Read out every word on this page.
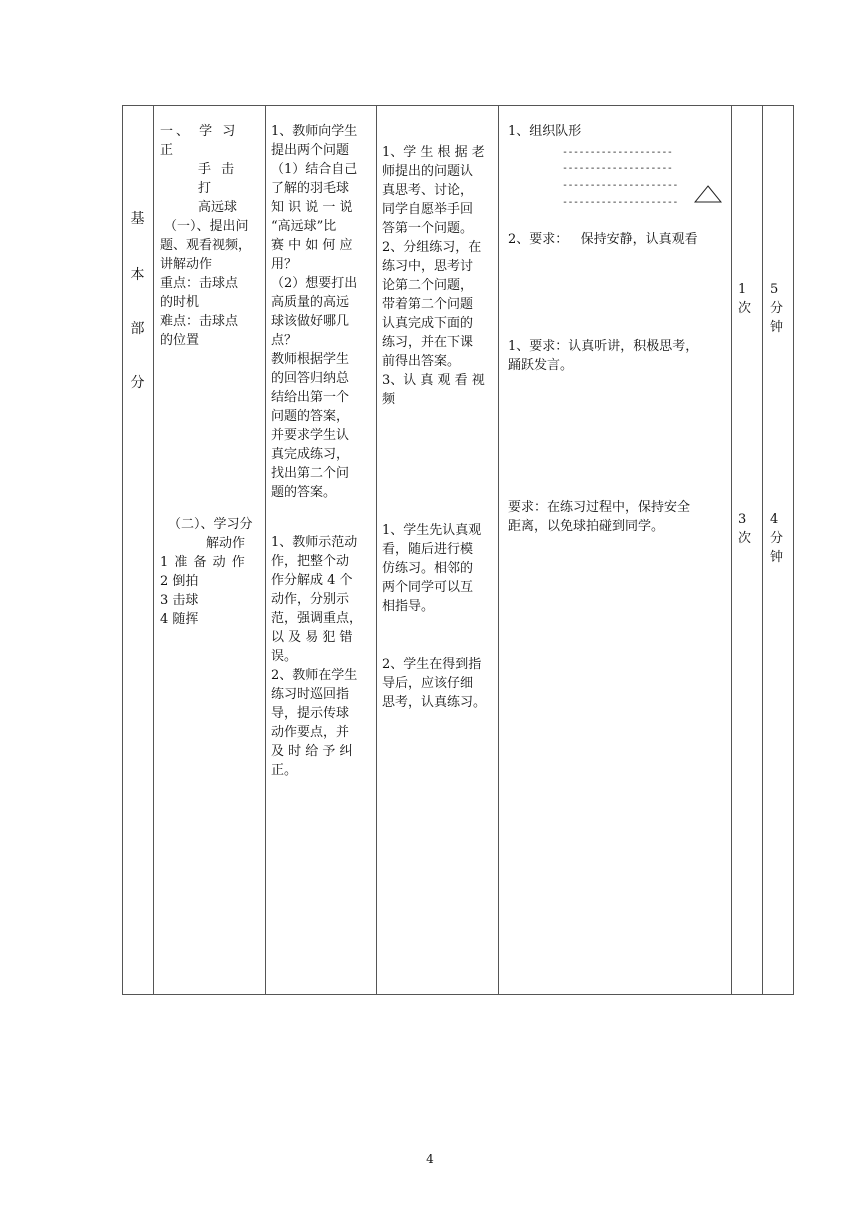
基
本
部
分
一、 学 习 正
手 击 打
高远球
（一）、提出问
题、观看视频，
讲解动作
重点：击球点
的时机
难点：击球点
的位置
（二）、学习分
解动作
1 准 备 动 作
2 倒拍
3 击球
4 随挥
1、教师向学生
提出两个问题
（1）结合自己
了解的羽毛球
知 识 说 一 说
“高远球”比
赛 中 如 何 应
用？
（2）想要打出
高质量的高远
球该做好哪几
点？
教师根据学生
的回答归纳总
结给出第一个
问题的答案，
并要求学生认
真完成练习，
找出第二个问
题的答案。
1、教师示范动
作，把整个动
作分解成 4 个
动作，分别示
范，强调重点，
以 及 易 犯 错
误。
2、教师在学生
练习时巡回指
导，提示传球
动作要点，并
及 时 给 予 纠
正。
1、学 生 根 据 老
师提出的问题认
真思考、讨论，
同学自愿举手回
答第一个问题。
2、分组练习，在
练习中，思考讨
论第二个问题，
带着第二个问题
认真完成下面的
练习，并在下课
前得出答案。
3、认 真 观 看 视
频
1、学生先认真观
看，随后进行模
仿练习。相邻的
两个同学可以互
相指导。
2、学生在得到指
导后，应该仔细
思考，认真练习。
1、组织队形
--------------------
--------------------
---------------------
---------------------
2、要求：   保持安静，认真观看
1、要求：认真听讲，积极思考，
踊跃发言。
要求：在练习过程中，保持安全
距离，以免球拍碰到同学。
1
次
3
次
5
分
钟
4
分
钟
4
